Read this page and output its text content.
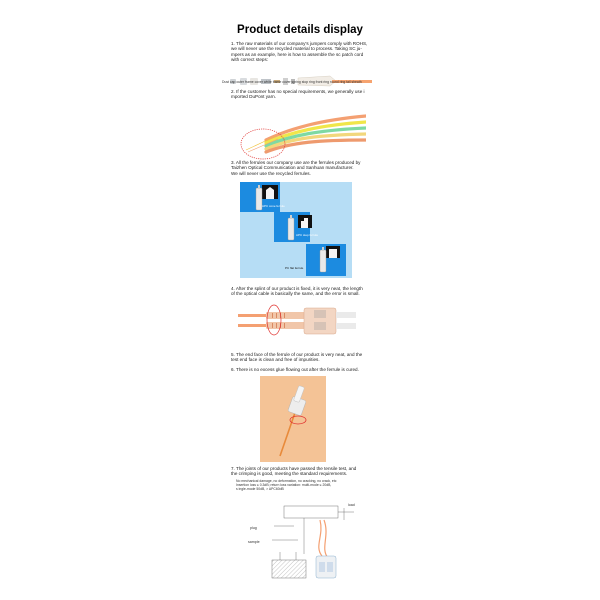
Product details display
1. The raw materials of our company's jumpers comply with ROHS,
we will never use the recycled material to process. Taking SC ju-
mpers as an example, here is how to assemble the sc patch cord
with correct steps:
Dust cap outer frame cover white frame cover spring stop ring front ring round ring tail sheath
2. If the customer has no special requirements, we generally use i
mported DuPont yarn.
3. All the ferrules our company use are the ferrules produced by
Taizhen Optical Communication and Sanhuan manufacturer.
We will never use the recycled ferrules.
APC cone ferrule
APC step ferrule
PC flat ferrule
4. After the splint of our product is fixed, it is very neat, the length
of the optical cable is basically the same, and the error is small.
5. The end face of the ferrule of our product is very neat, and the
test end face is clean and free of impurities.
6. There is no excess glue flowing out after the ferrule is cured.
7. The joints of our products have passed the tensile test, and
the crimping is good, meeting the standard requirements.
No mechanical damage, no deformation, no cracking, no crack, etc
Insertion loss ≤ 0.3dB; return loss variation: multi-mode ≤ 20dB,
s ingle-mode 50dB, > APC60dB
plug
sample
load
